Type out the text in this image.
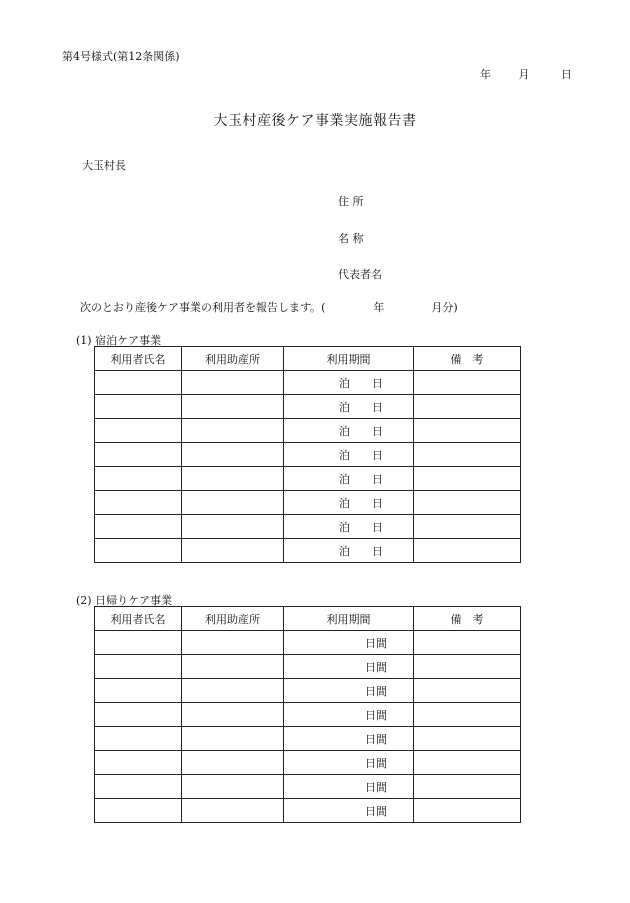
第4号様式(第12条関係)
年	月	日
大玉村産後ケア事業実施報告書
大玉村長
住 所
名 称
代表者名
次のとおり産後ケア事業の利用者を報告します。(	年	月分)
(1) 宿泊ケア事業
利用者氏名	利用助産所	利用期間	備　考
		泊 日	
		泊 日	
		泊 日	
		泊 日	
		泊 日	
		泊 日	
		泊 日	
		泊 日	
(2) 日帰りケア事業
利用者氏名	利用助産所	利用期間	備　考
		日間	
		日間	
		日間	
		日間	
		日間	
		日間	
		日間	
		日間	
